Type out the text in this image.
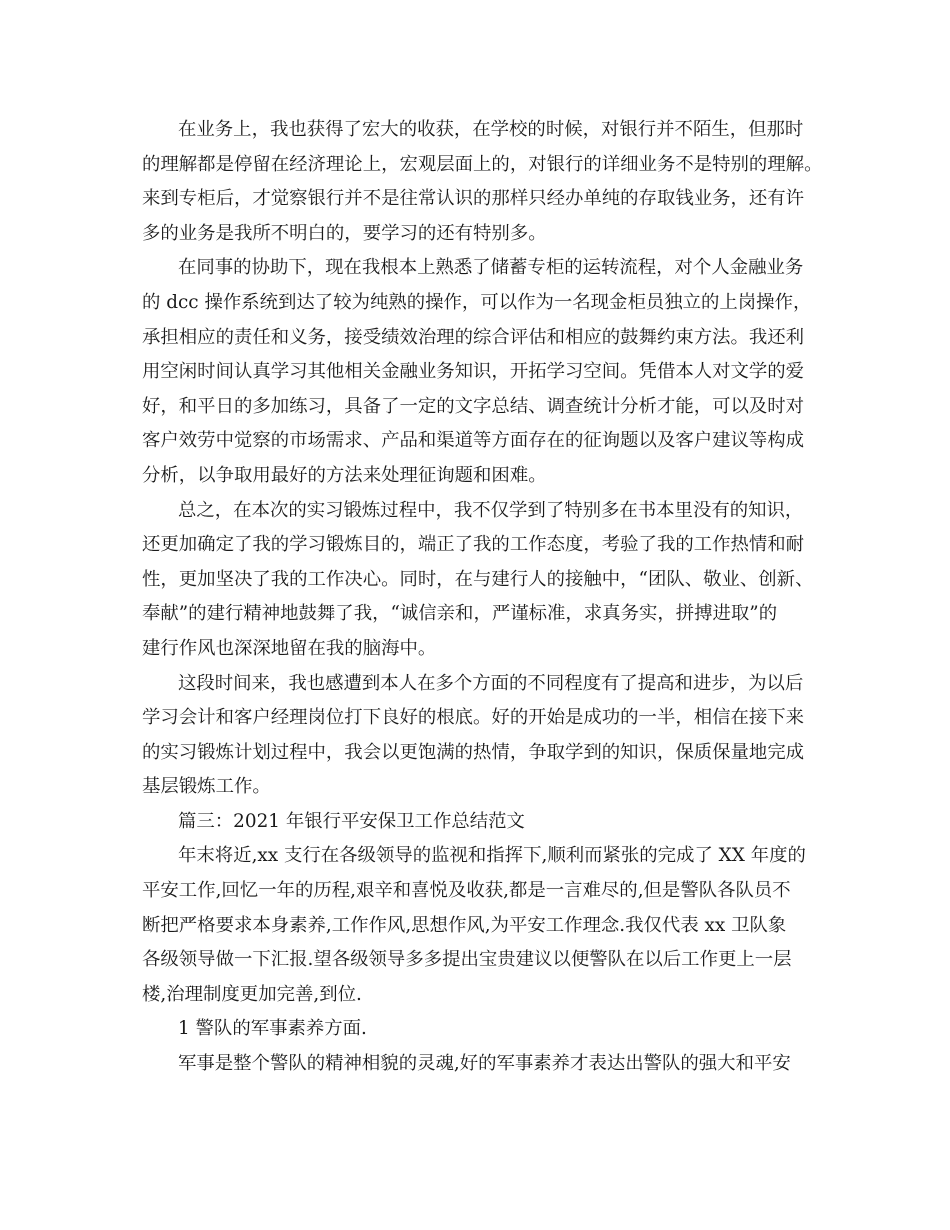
在业务上，我也获得了宏大的收获，在学校的时候，对银行并不陌生，但那时
的理解都是停留在经济理论上，宏观层面上的，对银行的详细业务不是特别的理解。
来到专柜后，才觉察银行并不是往常认识的那样只经办单纯的存取钱业务，还有许
多的业务是我所不明白的，要学习的还有特别多。
在同事的协助下，现在我根本上熟悉了储蓄专柜的运转流程，对个人金融业务
的 dcc 操作系统到达了较为纯熟的操作，可以作为一名现金柜员独立的上岗操作，
承担相应的责任和义务，接受绩效治理的综合评估和相应的鼓舞约束方法。我还利
用空闲时间认真学习其他相关金融业务知识，开拓学习空间。凭借本人对文学的爱
好，和平日的多加练习，具备了一定的文字总结、调查统计分析才能，可以及时对
客户效劳中觉察的市场需求、产品和渠道等方面存在的征询题以及客户建议等构成
分析，以争取用最好的方法来处理征询题和困难。
总之，在本次的实习锻炼过程中，我不仅学到了特别多在书本里没有的知识，
还更加确定了我的学习锻炼目的，端正了我的工作态度，考验了我的工作热情和耐
性，更加坚决了我的工作决心。同时，在与建行人的接触中，“团队、敬业、创新、
奉献”的建行精神地鼓舞了我，“诚信亲和，严谨标准，求真务实，拼搏进取”的
建行作风也深深地留在我的脑海中。
这段时间来，我也感遭到本人在多个方面的不同程度有了提高和进步，为以后
学习会计和客户经理岗位打下良好的根底。好的开始是成功的一半，相信在接下来
的实习锻炼计划过程中，我会以更饱满的热情，争取学到的知识，保质保量地完成
基层锻炼工作。
篇三：2021 年银行平安保卫工作总结范文
年末将近,xx 支行在各级领导的监视和指挥下,顺利而紧张的完成了 XX 年度的
平安工作,回忆一年的历程,艰辛和喜悦及收获,都是一言难尽的,但是警队各队员不
断把严格要求本身素养,工作作风,思想作风,为平安工作理念.我仅代表 xx 卫队象
各级领导做一下汇报.望各级领导多多提出宝贵建议以便警队在以后工作更上一层
楼,治理制度更加完善,到位.
1 警队的军事素养方面.
军事是整个警队的精神相貌的灵魂,好的军事素养才表达出警队的强大和平安
